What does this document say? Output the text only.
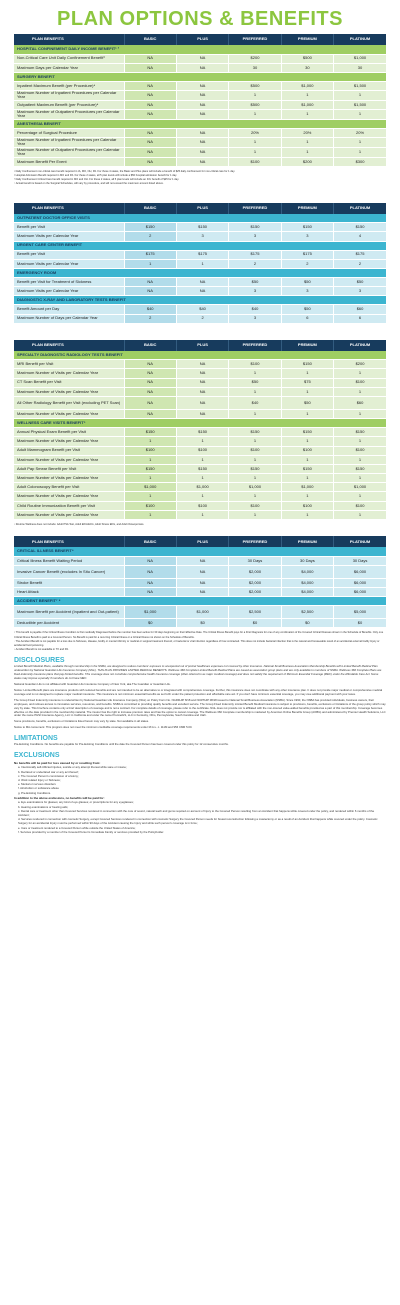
PLAN OPTIONS & BENEFITS
PLAN BENEFITS	BASIC	PLUS	PREFERRED	PREMIUM	PLATINUM
HOSPITAL CONFINEMENT DAILY INCOME BENEFIT¹ ²					
Non-Critical Care Unit Daily Confinement Benefit³	NA	NA	$200	$500	$1,000
Maximum Days per Calendar Year	NA	NA	30	30	30
SURGERY BENEFIT					
Inpatient Maximum Benefit (per Procedure)⁴	NA	NA	$500	$1,000	$1,500
Maximum Number of Inpatient Procedures per Calendar Year	NA	NA	1	1	1
Outpatient Maximum Benefit (per Procedure)⁴	NA	NA	$500	$1,000	$1,500
Maximum Number of Outpatient Procedures per Calendar Year	NA	NA	1	1	1
ANESTHESIA BENEFIT					
Percentage of Surgical Procedure	NA	NA	20%	20%	20%
Maximum Number of Inpatient Procedures per Calendar Year	NA	NA	1	1	1
Maximum Number of Outpatient Procedures per Calendar Year	NA	NA	1	1	1
Maximum Benefit Per Event	NA	NA	$100	$200	$300

¹ Daily Confinement non-critical care benefit required in IA, MO, OH, PA. For those 4 states, the Basic and Plus plans will include a benefit of $25 daily confinement for non-critical care for 1 day.

² Hospital Admission Benefit required in MO and PA. For these 2 states, all 5 plan levels will include a $50 hospital admission benefit for 1 day.

³ Daily Confinement Critical Care benefit required in MO and OH. For these 2 states, all 5 plan levels will include an ICU benefit of $25 for 1 day.

⁴ Actual benefit is based on the Surgical Schedules, will vary by procedure, and will not exceed the maximum amount listed above.

PLAN BENEFITS	BASIC	PLUS	PREFERRED	PREMIUM	PLATINUM
OUTPATIENT DOCTOR OFFICE VISITS					
Benefit per Visit	$150	$150	$150	$150	$150
Maximum Visits per Calendar Year	2	3	3	3	4
URGENT CARE CENTER BENEFIT					
Benefit per Visit	$175	$175	$175	$175	$175
Maximum Visits per Calendar Year	1	1	2	2	2
EMERGENCY ROOM					
Benefit per Visit for Treatment of Sickness	NA	NA	$50	$50	$50
Maximum Visits per Calendar Year	NA	NA	3	3	3
DIAGNOSTIC X-RAY AND LABORATORY TESTS BENEFIT					
Benefit Amount per Day	$40	$40	$40	$50	$60
Maximum Number of Days per Calendar Year	2	2	3	6	6
PLAN BENEFITS	BASIC	PLUS	PREFERRED	PREMIUM	PLATINUM
SPECIALTY DIAGNOSTIC RADIOLOGY TESTS BENEFIT					
MRI Benefit per Visit	NA	NA	$100	$150	$200
Maximum Number of Visits per Calendar Year	NA	NA	1	1	1
CT Scan Benefit per Visit	NA	NA	$50	$75	$100
Maximum Number of Visits per Calendar Year	NA	NA	1	1	1
All Other Radiology Benefit per Visit (excluding PET Scan)	NA	NA	$40	$50	$60
Maximum Number of Visits per Calendar Year	NA	NA	1	1	1
WELLNESS CARE VISITS BENEFIT⁵					
Annual Physical Exam Benefit per Visit	$150	$150	$150	$150	$150
Maximum Number of Visits per Calendar Year	1	1	1	1	1
Adult Mammogram Benefit per Visit	$100	$100	$100	$100	$100
Maximum Number of Visits per Calendar Year	1	1	1	1	1
Adult Pap Smear Benefit per Visit	$150	$150	$150	$150	$150
Maximum Number of Visits per Calendar Year	1	1	1	1	1
Adult Colonoscopy Benefit per Visit	$1,000	$1,000	$1,000	$1,000	$1,000
Maximum Number of Visits per Calendar Year	1	1	1	1	1
Child Routine Immunization Benefit per Visit	$100	$100	$100	$100	$100
Maximum Number of Visits per Calendar Year	1	1	1	1	1

⁵ Routine Wellness does not include: Adult PSA Test, Adult EKG/ECG, Adult Stress EKG, and Adult Osteoporosis.

PLAN BENEFITS	BASIC	PLUS	PREFERRED	PREMIUM	PLATINUM
CRITICAL ILLNESS BENEFIT⁶					
Critical Illness Benefit Waiting Period	NA	NA	30 Days	30 Days	30 Days
Invasive Cancer Benefit (excludes In Situ Cancer)	NA	NA	$2,000	$4,000	$6,000
Stroke Benefit	NA	NA	$2,000	$4,000	$6,000
Heart Attack	NA	NA	$2,000	$4,000	$6,000
ACCIDENT BENEFIT⁷ ⁸					
Maximum Benefit per Accident (Inpatient and Out-patient)	$1,000	$1,000	$2,500	$2,500	$5,000
Deductible per Accident	$0	$0	$0	$0	$0

⁶ This benefit is payable if the Critical Illness Condition is first medically Diagnosed before the member has been active for 30 days beginning on their Effective Date. The Critical Illness Benefit pays for a First Diagnosis for one of any combination of the Covered Critical Illnesses shown in the Schedule of Benefits. Only one Critical Illness Benefit is paid to a Covered Person. No Benefit is paid for a recurring Critical Illness or a Critical Illness not shown on the Schedule of Benefits.

⁷ The Accident Benefit is not payable for a loss due to Sickness, disease, bodily or mental infirmity or medical or surgical treatment thereof, or bacterial or viral infection regardless of how contracted. This does not include bacterial infection that is the natural and foreseeable result of an accidental external bodily Injury or accidental food poisoning.

⁸ Accident Benefit is not available in TX and PA.

DISCLOSURES
Limited Benefit Medical Plans, available through membership in the NSBA, are designed to reduce members' exposure to unexpected out of pocket healthcare expenses not covered by other insurance. National Small Business Association Membership Benefits with Limited Benefit Medical Plan underwritten by National Guardian Life Insurance Company (NGL). THIS PLAN PROVIDES LIMITED MEDICAL BENEFITS. Wellness 360 Complete Limited Benefit Medical Plans are issued as association group plans and are only available to members of NSBA. Wellness 360 Complete Plans are fixed-indemnity insurance plans that pay limited benefits. This coverage does not constitute comprehensive health insurance coverage (often referred to as major medical coverage) and does not satisfy the requirement of Minimum Essential Coverage (MEC) under the Affordable Care Act. Some states may impose a penalty if members do not have MEC.
National Guardian Life is not affiliated with Guardian Life Insurance Company of New York, aka The Guardian or Guardian Life.
Notice: Limited Benefit plans are insurance products with reduced benefits and are not intended to be an alternative to or integrated with comprehensive coverage. Further, this insurance does not coordinate with any other insurance plan. It does not provide major medical or comprehensive medical coverage and is not designed to replace major medical insurance. This insurance is not minimum essential benefits as set forth under the patient protection and affordable care act. If you don't have minimum essential coverage, you may owe additional payment with your taxes.
The Group Fixed Indemnity insurance is underwritten by National Guardian Life Insurance Company (NGL) on Policy Form No. NGRFHIP 8/18 and NCRTHIP 08/18 issued to National Small Business Association (NSBA). Since 1990, the NSBA has provided individuals, business owners, their employees, and retirees access to innovative services, resources, and benefits. NSBA is committed to providing quality benefits and excellent service. The Group Fixed Indemnity Limited Benefit Medical Insurance is subject to provisions, benefits, exclusions or limitations of the group policy which may vary by state. This brochure contains only a brief description of coverage and is not a contract. For complete details of coverage, please refer to the certificate. NGL does not provide nor is affiliated with the non-insured value-added benefits provided as a part of this membership. Coverage becomes effective on the date provided in the membership material. The insurer has the right to increase premium rates and has the option to cancel coverage. The Wellness 360 Complete membership is marketed by American Online Benefits Group (AOBG) and administered by Premier Health Solutions, LLC under the name PHSI Insurance Agency, LLC in California and under the name PremierHS, LLC in Kentucky, Ohio, Pennsylvania, South Carolina and Utah.
Some provisions, benefits, exclusions or limitations listed herein may vary by state. Not available in all states.
Notice to MA consumers: This program does not meet the minimum creditable coverage requirements under M.G.L. c. 111M and 956 CMR 5.00.
LIMITATIONS
Pre-Existing Conditions. No benefits are payable for Pre-Existing Conditions until the date the Covered Person has been covered under this policy for 12 consecutive months.
EXCLUSIONS
No benefits will be paid for loss caused by or resulting from:
a. Intentionally self-inflicted injuries, suicide or any attempt thereat while sane or insane;
b. Declared or undeclared war or any act thereof;
c. The Covered Person's commission of a felony;
d. Work related Injury or Sickness;
e. Mental or nervous disorders
f. Alcoholism or substance abuse
g. Pre-Existing Conditions.
In addition to the above exclusions, no benefits will be paid for:
a. Eye examinations for glasses; any kind of eye glasses; or prescriptions for any eyeglasses;
b. Hearing examinations or hearing aids;
c. Dental care or treatment other than Covered Services rendered in connection with the cure of sound, natural teeth and gums required on account of Injury to the Covered Person resulting from an Accident that happens while covered under the policy, and rendered within 6 months of the Accident;
d. Services rendered in connection with cosmetic Surgery, except Covered Services rendered in connection with cosmetic Surgery the Covered Person needs for breast reconstruction following a mastectomy or as a result of an Accident that happens while covered under the policy. Cosmetic Surgery for an accidental Injury must be performed within 90 days of the Accident causing the Injury and while such person's coverage is in force;
e. Care or treatment rendered to a Covered Person while outside the United States of America;
f. Services provided by a member of the Covered Person's Immediate Family or services provided by the Policyholder.
